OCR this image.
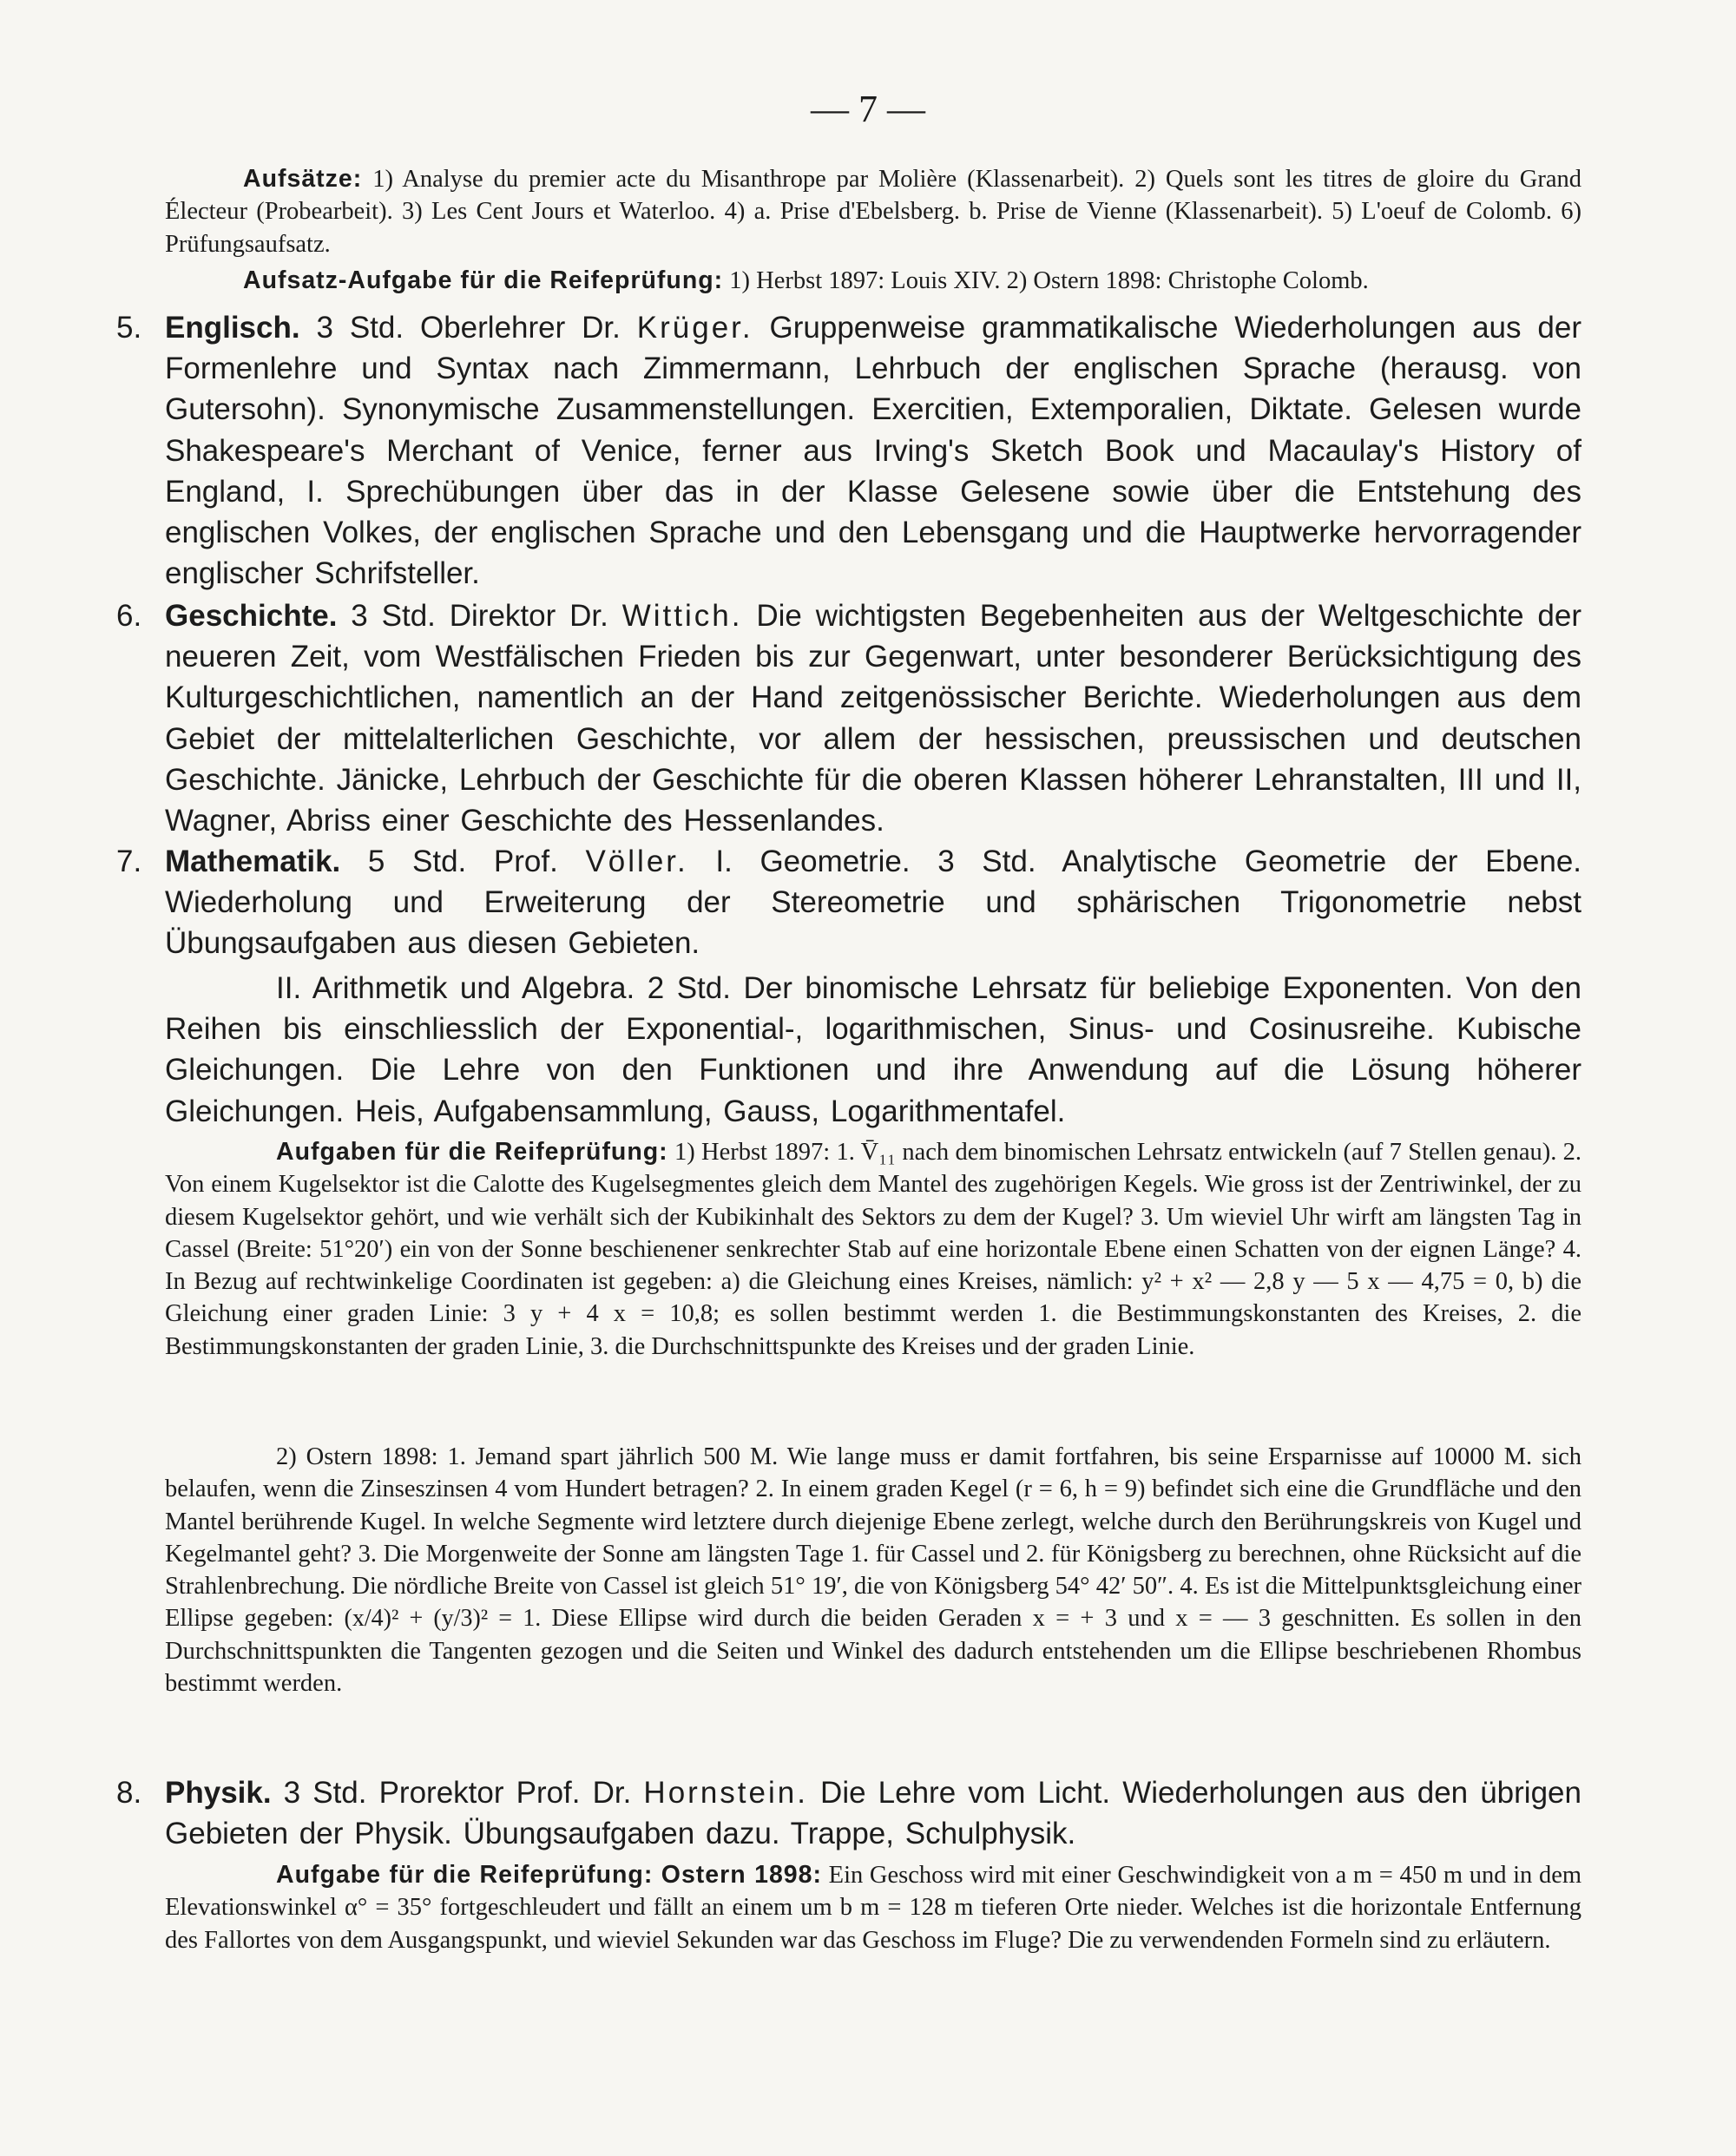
— 7 —

Aufsätze: 1) Analyse du premier acte du Misanthrope par Molière (Klassenarbeit). 2) Quels sont les titres de gloire du Grand Électeur (Probearbeit). 3) Les Cent Jours et Waterloo. 4) a. Prise d'Ebelsberg. b. Prise de Vienne (Klassenarbeit). 5) L'oeuf de Colomb. 6) Prüfungsaufsatz.

Aufsatz-Aufgabe für die Reifeprüfung: 1) Herbst 1897: Louis XIV. 2) Ostern 1898: Christophe Colomb.

5. Englisch. 3 Std. Oberlehrer Dr. Krüger. Gruppenweise grammatikalische Wiederholungen aus der Formenlehre und Syntax nach Zimmermann, Lehrbuch der englischen Sprache (herausg. von Gutersohn). Synonymische Zusammenstellungen. Exercitien, Extemporalien, Diktate. Gelesen wurde Shakespeare's Merchant of Venice, ferner aus Irving's Sketch Book und Macaulay's History of England, I. Sprechübungen über das in der Klasse Gelesene sowie über die Entstehung des englischen Volkes, der englischen Sprache und den Lebensgang und die Hauptwerke hervorragender englischer Schrifsteller.

6. Geschichte. 3 Std. Direktor Dr. Wittich. Die wichtigsten Begebenheiten aus der Weltgeschichte der neueren Zeit, vom Westfälischen Frieden bis zur Gegenwart, unter besonderer Berücksichtigung des Kulturgeschichtlichen, namentlich an der Hand zeitgenössischer Berichte. Wiederholungen aus dem Gebiet der mittelalterlichen Geschichte, vor allem der hessischen, preussischen und deutschen Geschichte. Jänicke, Lehrbuch der Geschichte für die oberen Klassen höherer Lehranstalten, III und II, Wagner, Abriss einer Geschichte des Hessenlandes.

7. Mathematik. 5 Std. Prof. Völler. I. Geometrie. 3 Std. Analytische Geometrie der Ebene. Wiederholung und Erweiterung der Stereometrie und sphärischen Trigonometrie nebst Übungsaufgaben aus diesen Gebieten.

II. Arithmetik und Algebra. 2 Std. Der binomische Lehrsatz für beliebige Exponenten. Von den Reihen bis einschliesslich der Exponential-, logarithmischen, Sinus- und Cosinusreihe. Kubische Gleichungen. Die Lehre von den Funktionen und ihre Anwendung auf die Lösung höherer Gleichungen. Heis, Aufgabensammlung, Gauss, Logarithmentafel.

Aufgaben für die Reifeprüfung: 1) Herbst 1897: 1. V̄₁₁ nach dem binomischen Lehrsatz entwickeln (auf 7 Stellen genau). 2. Von einem Kugelsektor ist die Calotte des Kugelsegmentes gleich dem Mantel des zugehörigen Kegels. Wie gross ist der Zentriwinkel, der zu diesem Kugelsektor gehört, und wie verhält sich der Kubikinhalt des Sektors zu dem der Kugel? 3. Um wieviel Uhr wirft am längsten Tag in Cassel (Breite: 51°20′) ein von der Sonne beschienener senkrechter Stab auf eine horizontale Ebene einen Schatten von der eignen Länge? 4. In Bezug auf rechtwinkelige Coordinaten ist gegeben: a) die Gleichung eines Kreises, nämlich: y² + x² — 2,8 y — 5 x — 4,75 = 0, b) die Gleichung einer graden Linie: 3 y + 4 x = 10,8; es sollen bestimmt werden 1. die Bestimmungskonstanten des Kreises, 2. die Bestimmungskonstanten der graden Linie, 3. die Durchschnittspunkte des Kreises und der graden Linie.

2) Ostern 1898: 1. Jemand spart jährlich 500 M. Wie lange muss er damit fortfahren, bis seine Ersparnisse auf 10000 M. sich belaufen, wenn die Zinseszinsen 4 vom Hundert betragen? 2. In einem graden Kegel (r = 6, h = 9) befindet sich eine die Grundfläche und den Mantel berührende Kugel. In welche Segmente wird letztere durch diejenige Ebene zerlegt, welche durch den Berührungskreis von Kugel und Kegelmantel geht? 3. Die Morgenweite der Sonne am längsten Tage 1. für Cassel und 2. für Königsberg zu berechnen, ohne Rücksicht auf die Strahlenbrechung. Die nördliche Breite von Cassel ist gleich 51° 19′, die von Königsberg 54° 42′ 50″. 4. Es ist die Mittelpunktsgleichung einer Ellipse gegeben: (x/4)² + (y/3)² = 1. Diese Ellipse wird durch die beiden Geraden x = + 3 und x = — 3 geschnitten. Es sollen in den Durchschnittspunkten die Tangenten gezogen und die Seiten und Winkel des dadurch entstehenden um die Ellipse beschriebenen Rhombus bestimmt werden.

8. Physik. 3 Std. Prorektor Prof. Dr. Hornstein. Die Lehre vom Licht. Wiederholungen aus den übrigen Gebieten der Physik. Übungsaufgaben dazu. Trappe, Schulphysik.

Aufgabe für die Reifeprüfung: Ostern 1898: Ein Geschoss wird mit einer Geschwindigkeit von a m = 450 m und in dem Elevationswinkel α° = 35° fortgeschleudert und fällt an einem um b m = 128 m tieferen Orte nieder. Welches ist die horizontale Entfernung des Fallortes von dem Ausgangspunkt, und wieviel Sekunden war das Geschoss im Fluge? Die zu verwendenden Formeln sind zu erläutern.
